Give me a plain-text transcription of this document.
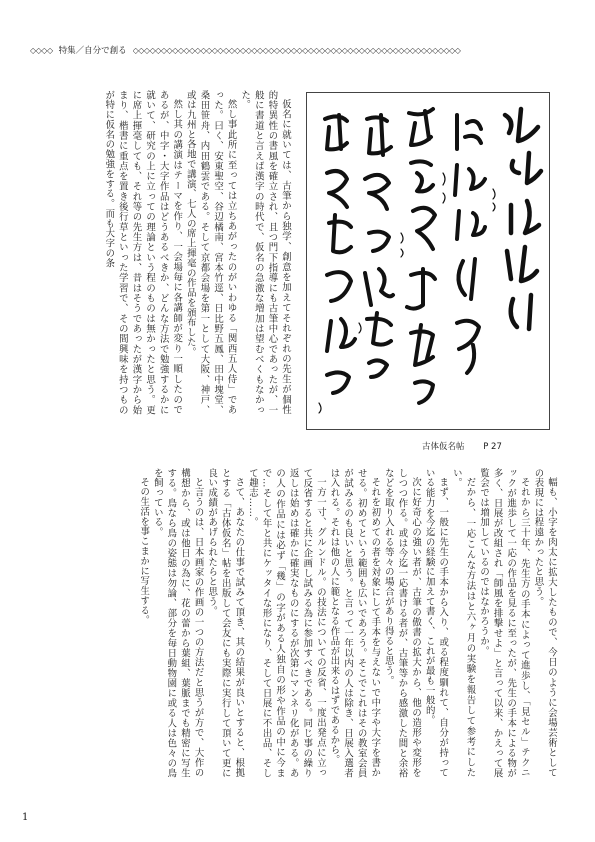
◇◇◇◇ 特集／自分で創る ◇◇◇◇◇◇◇◇◇◇◇◇◇◇◇◇◇◇◇◇◇◇◇◇◇◇◇◇◇◇◇◇◇◇◇◇◇◇◇◇◇◇◇◇◇◇◇◇◇◇◇◇◇◇◇◇◇◇

仮名に就いては、古筆から独学、創意を加えてそれぞれの先生が個性的特異性の書風を確立され、且つ門下指導にも古筆中心であったが、一般に書道と言えば漢字の時代で、仮名の急激な増加は望むべくもなかった。

然し事此所に至っては立ちあがったのがいわゆる「関西五人侍」であった。曰く、安東聖空、谷辺橘南、宮本竹逕、日比野五鳳、田中塊堂、桑田笹舟、内田鶴雲である。そして京都会場を第一として大阪、神戸、或は九州と各地で講演、七人の席上揮毫の作品を頒布した。

然し其の講演はテーマを作り、一会場毎に各講師が変り一順したのであるが、中字・大字作品はどうあるべきか、どんな方法で勉強するかに就いて、研究の上に立っての理論という程のものは無かったと思う。更に席上揮毫しても、それ等の先生方は、昔はそうであったが漢字から始まり、楷書に重点を置き後行草といった学習で、その間興味を持つものが特に仮名の勉強をする。而も大字の条

古体仮名帖 P 27

幅も、小字を肉太に拡大したもので、今日のように会場芸術としての表現には程遠かったと思う。

それから三十年、先生方の手本によって進歩し、「見セル」テクニックが進歩して一応の作品を見るに至ったが、先生の手本による物が多く、日展が改組され「師風を排撃せよ」と言って以来、かえって展覧会では増加しているのではなかろうか。

だから、一応こんな方法はと六ヶ月の実験を報告して参考にしたい。

まず、一般に先生の手本から入り、或る程度馴れて、自分が持っている能力を今迄の経験に加えて書く、これが最も一般的。

次に好奇心の強い者が、古筆の傲書の拡大から、他の造形や変形をしつつ作る。或は今迄一応書ける者が、古筆等から感激した間と余裕などを取り入れる等々の場合があり得ると思う。

それを初めての者を対象にして手本を与えないで中字や大字を書かせる。初めてという範囲も広いであろう。そこでこれはその教室会員が試みるのも良いと思う。と言って一年以内の人は除き、日展入選者は入れる。それは他の人に範となる作品が出来るはずであるから。

一方一寸、グルンドル。の技法についての反省、一度出発点に立って反省すると共に企画し試みる為に参加すべきである。同じ事の繰り返しは始めは確かに確実なものにするが次第にマンネリ化がある。あの人の作品には必ず「幾」の字がある人独自の形や作品の中に今まで…そして年と共にケッタイな形になり、そして日展に不出品、そして趣志……。

さて、あなたの仕事で試みて頂き、其の結果が良いとすると、根拠とする「古体仮名」帖を出版して会友にも実際に実行して頂いて更に良い成績があげられたらと思う。

と言うのは、日本画家の作画の一つの方法だと思うが方で、大作の構想から、或は他日の為に、花の蕾から葉組、葉脈までも精密に写生する。鳥なら鳥の姿態は勿論、部分を毎日動物園に或る人は色々の鳥を飼っている。

その生活を事こまかに写生する。

1
